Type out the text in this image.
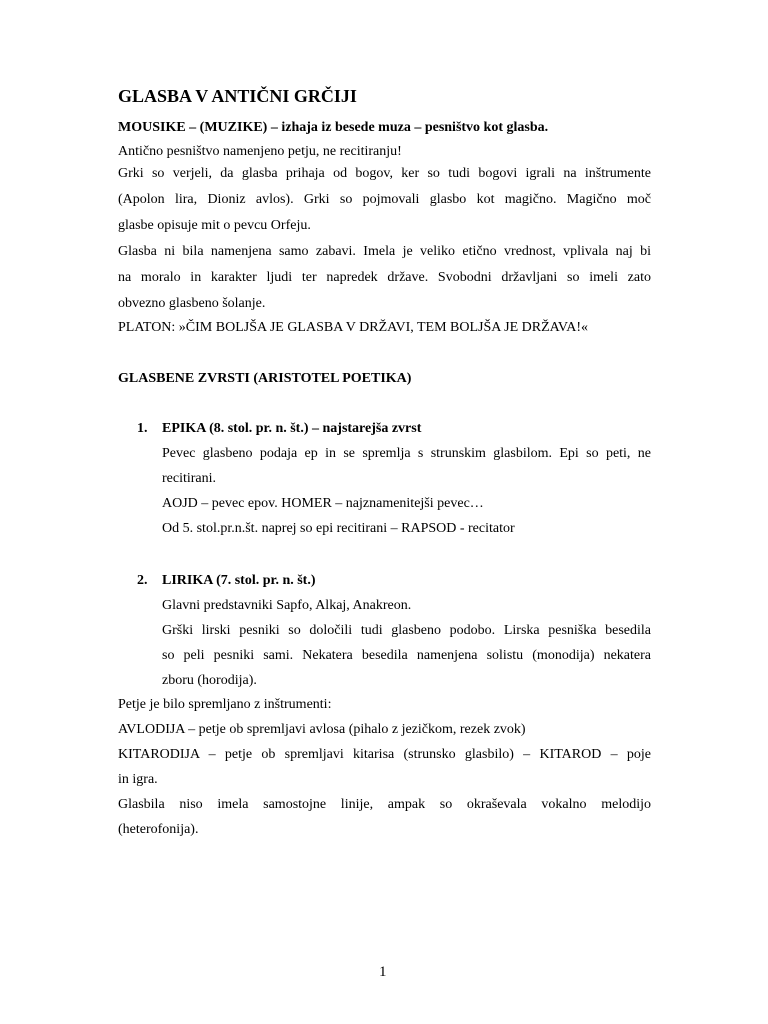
GLASBA V ANTIČNI GRČIJI
MOUSIKE – (MUZIKE) – izhaja iz besede muza – pesništvo kot glasba.
Antično pesništvo namenjeno petju, ne recitiranju!
Grki so verjeli, da glasba prihaja od bogov, ker so tudi bogovi igrali na inštrumente
(Apolon lira, Dioniz avlos). Grki so pojmovali glasbo kot magično. Magično moč
glasbe opisuje mit o pevcu Orfeju.
Glasba ni bila namenjena samo zabavi. Imela je veliko etično vrednost, vplivala naj bi
na moralo in karakter ljudi ter napredek države. Svobodni državljani so imeli zato
obvezno glasbeno šolanje.
PLATON: »ČIM BOLJŠA JE GLASBA V DRŽAVI, TEM BOLJŠA JE DRŽAVA!«
GLASBENE ZVRSTI (ARISTOTEL POETIKA)
1. EPIKA (8. stol. pr. n. št.) – najstarejša zvrst
Pevec glasbeno podaja ep in se spremlja s strunskim glasbilom. Epi so peti, ne
recitirani.
AOJD – pevec epov. HOMER – najznamenitejši pevec…
Od 5. stol.pr.n.št. naprej so epi recitirani – RAPSOD - recitator
2. LIRIKA (7. stol. pr. n. št.)
Glavni predstavniki Sapfo, Alkaj, Anakreon.
Grški lirski pesniki so določili tudi glasbeno podobo. Lirska pesniška besedila
so peli pesniki sami. Nekatera besedila namenjena solistu (monodija) nekatera
zboru (horodija).
Petje je bilo spremljano z inštrumenti:
AVLODIJA – petje ob spremljavi avlosa (pihalo z jezičkom, rezek zvok)
KITARODIJA – petje ob spremljavi kitarisa (strunsko glasbilo) – KITAROD – poje
in igra.
Glasbila niso imela samostojne linije, ampak so okraševala vokalno melodijo
(heterofonija).
1
